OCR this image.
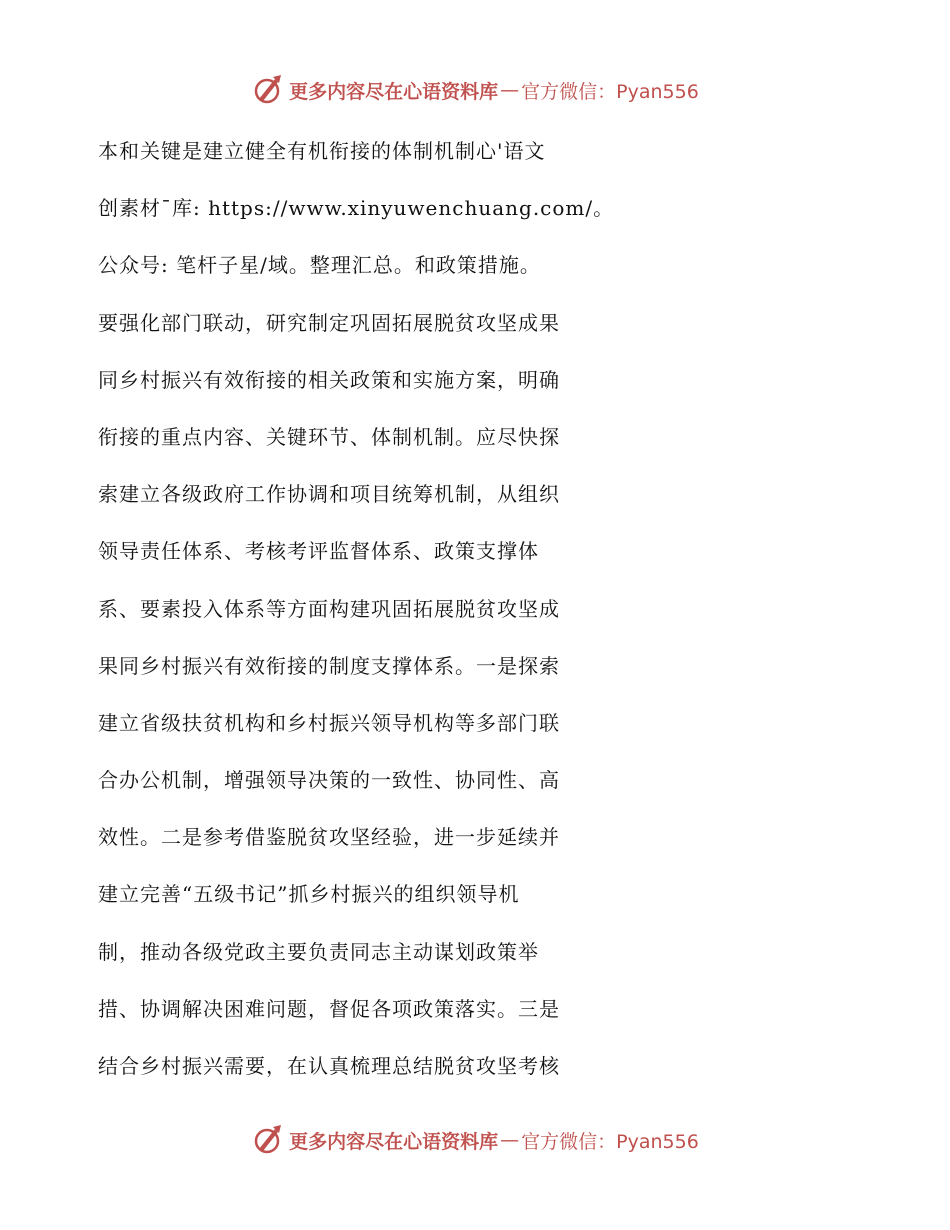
更多内容尽在心语资料库 — 官方微信：Pyan556
本和关键是建立健全有机衔接的体制机制心'语文
创素材¯库: https://www.xinyuwenchuang.com/。
公众号: 笔杆子星/域。整理汇总。和政策措施。
要强化部门联动，研究制定巩固拓展脱贫攻坚成果
同乡村振兴有效衔接的相关政策和实施方案，明确
衔接的重点内容、关键环节、体制机制。应尽快探
索建立各级政府工作协调和项目统筹机制，从组织
领导责任体系、考核考评监督体系、政策支撑体
系、要素投入体系等方面构建巩固拓展脱贫攻坚成
果同乡村振兴有效衔接的制度支撑体系。一是探索
建立省级扶贫机构和乡村振兴领导机构等多部门联
合办公机制，增强领导决策的一致性、协同性、高
效性。二是参考借鉴脱贫攻坚经验，进一步延续并
建立完善“五级书记”抓乡村振兴的组织领导机
制，推动各级党政主要负责同志主动谋划政策举
措、协调解决困难问题，督促各项政策落实。三是
结合乡村振兴需要，在认真梳理总结脱贫攻坚考核
更多内容尽在心语资料库 — 官方微信：Pyan556
